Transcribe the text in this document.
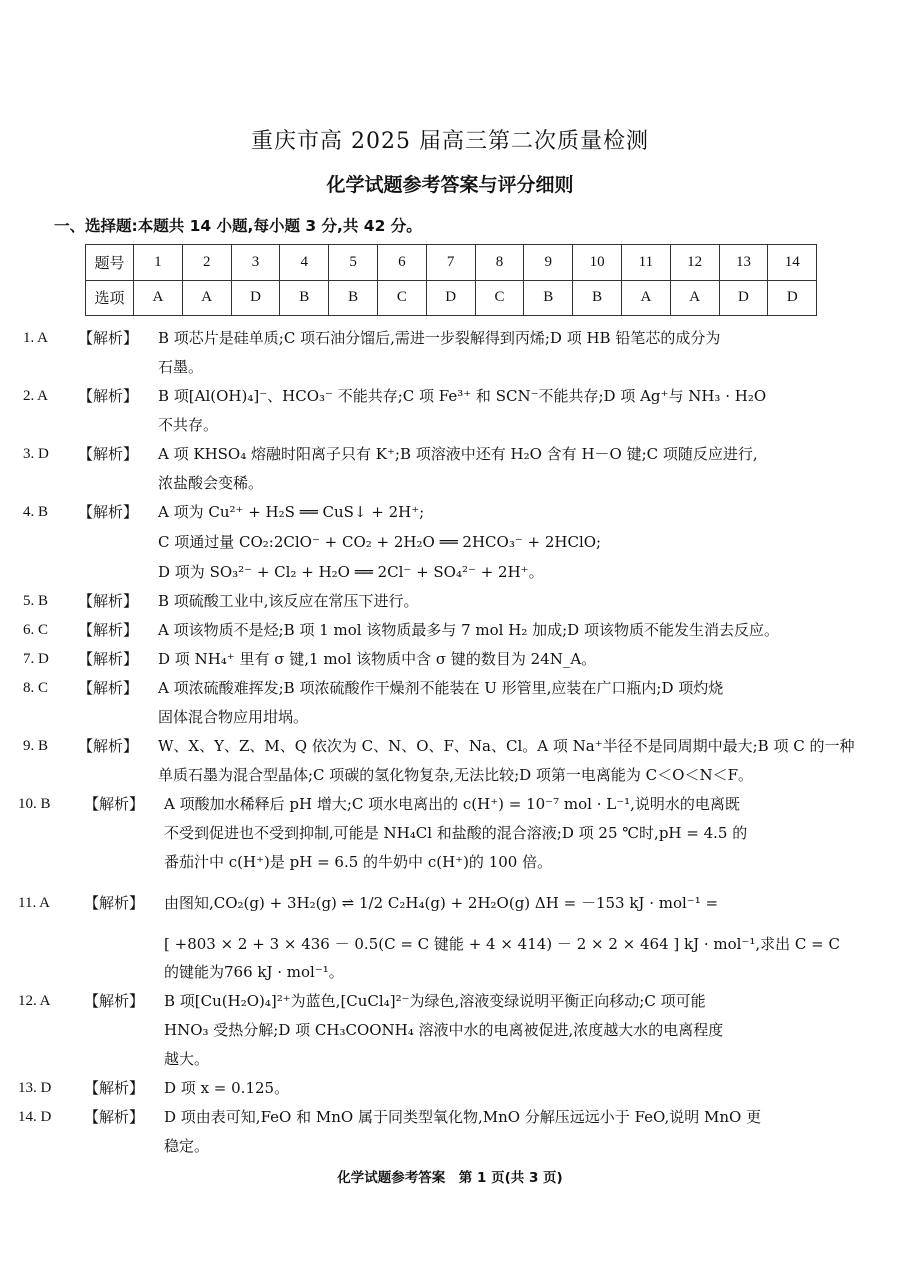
重庆市高 2025 届高三第二次质量检测
化学试题参考答案与评分细则
一、选择题:本题共 14 小题,每小题 3 分,共 42 分。
题号	1	2	3	4	5	6	7	8	9	10	11	12	13	14
选项	A	A	D	B	B	C	D	C	B	B	A	A	D	D
1. A 【解析】 B 项芯片是硅单质;C 项石油分馏后,需进一步裂解得到丙烯;D 项 HB 铅笔芯的成分为
石墨。
2. A 【解析】 B 项[Al(OH)₄]⁻、HCO₃⁻ 不能共存;C 项 Fe³⁺ 和 SCN⁻不能共存;D 项 Ag⁺与 NH₃ · H₂O
不共存。
3. D 【解析】 A 项 KHSO₄ 熔融时阳离子只有 K⁺;B 项溶液中还有 H₂O 含有 H－O 键;C 项随反应进行,
浓盐酸会变稀。
4. B 【解析】 A 项为 Cu²⁺ + H₂S ══ CuS↓ + 2H⁺;
C 项通过量 CO₂:2ClO⁻ + CO₂ + 2H₂O ══ 2HCO₃⁻ + 2HClO;
D 项为 SO₃²⁻ + Cl₂ + H₂O ══ 2Cl⁻ + SO₄²⁻ + 2H⁺。
5. B 【解析】 B 项硫酸工业中,该反应在常压下进行。
6. C 【解析】 A 项该物质不是烃;B 项 1 mol 该物质最多与 7 mol H₂ 加成;D 项该物质不能发生消去反应。
7. D 【解析】 D 项 NH₄⁺ 里有 σ 键,1 mol 该物质中含 σ 键的数目为 24N_A。
8. C 【解析】 A 项浓硫酸难挥发;B 项浓硫酸作干燥剂不能装在 U 形管里,应装在广口瓶内;D 项灼烧
固体混合物应用坩埚。
9. B 【解析】 W、X、Y、Z、M、Q 依次为 C、N、O、F、Na、Cl。A 项 Na⁺半径不是同周期中最大;B 项 C 的一种
单质石墨为混合型晶体;C 项碳的氢化物复杂,无法比较;D 项第一电离能为 C＜O＜N＜F。
10. B 【解析】 A 项酸加水稀释后 pH 增大;C 项水电离出的 c(H⁺) = 10⁻⁷ mol · L⁻¹,说明水的电离既
不受到促进也不受到抑制,可能是 NH₄Cl 和盐酸的混合溶液;D 项 25 ℃时,pH = 4.5 的
番茄汁中 c(H⁺)是 pH = 6.5 的牛奶中 c(H⁺)的 100 倍。
11. A 【解析】 由图知,CO₂(g) + 3H₂(g) ⇌ 1/2 C₂H₄(g) + 2H₂O(g) ΔH = －153 kJ · mol⁻¹ =
[ +803 × 2 + 3 × 436 － 0.5(C = C 键能 + 4 × 414) － 2 × 2 × 464 ] kJ · mol⁻¹,求出 C = C
的键能为766 kJ · mol⁻¹。
12. A 【解析】 B 项[Cu(H₂O)₄]²⁺为蓝色,[CuCl₄]²⁻为绿色,溶液变绿说明平衡正向移动;C 项可能
HNO₃ 受热分解;D 项 CH₃COONH₄ 溶液中水的电离被促进,浓度越大水的电离程度
越大。
13. D 【解析】 D 项 x = 0.125。
14. D 【解析】 D 项由表可知,FeO 和 MnO 属于同类型氧化物,MnO 分解压远远小于 FeO,说明 MnO 更
稳定。
化学试题参考答案　第 1 页(共 3 页)
